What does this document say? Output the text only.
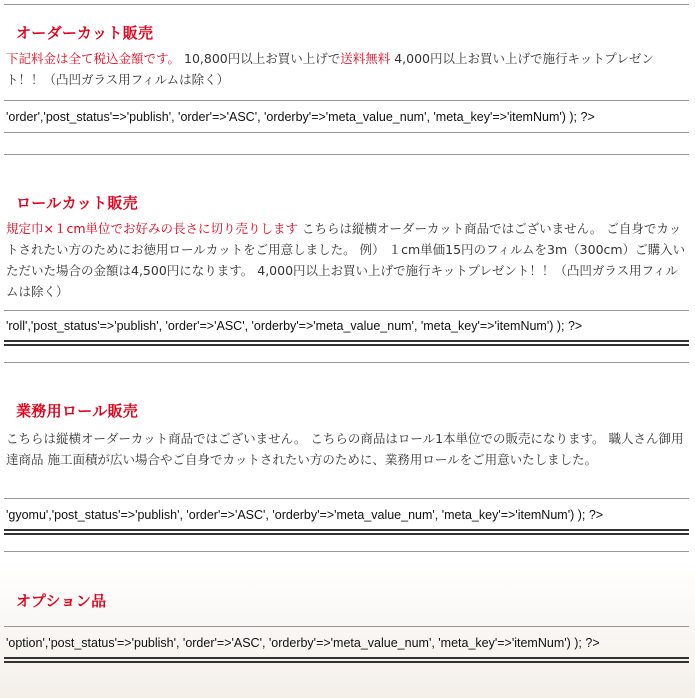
オーダーカット販売

下記料金は全て税込金額です。 10,800円以上お買い上げで送料無料 4,000円以上お買い上げで施行キットプレゼント！！（凸凹ガラス用フィルムは除く）

'order','post_status'=>'publish', 'order'=>'ASC', 'orderby'=>'meta_value_num', 'meta_key'=>'itemNum') ); ?>

ロールカット販売

規定巾×１cm単位でお好みの長さに切り売りします こちらは縦横オーダーカット商品ではございません。 ご自身でカットされたい方のためにお徳用ロールカットをご用意しました。 例） １cm単価15円のフィルムを3m（300cm）ご購入いただいた場合の金額は4,500円になります。 4,000円以上お買い上げで施行キットプレゼント！！（凸凹ガラス用フィルムは除く）

'roll','post_status'=>'publish', 'order'=>'ASC', 'orderby'=>'meta_value_num', 'meta_key'=>'itemNum') ); ?>

業務用ロール販売

こちらは縦横オーダーカット商品ではございません。 こちらの商品はロール1本単位での販売になります。 職人さん御用達商品 施工面積が広い場合やご自身でカットされたい方のために、業務用ロールをご用意いたしました。

'gyomu','post_status'=>'publish', 'order'=>'ASC', 'orderby'=>'meta_value_num', 'meta_key'=>'itemNum') ); ?>

オプション品

'option','post_status'=>'publish', 'order'=>'ASC', 'orderby'=>'meta_value_num', 'meta_key'=>'itemNum') ); ?>
